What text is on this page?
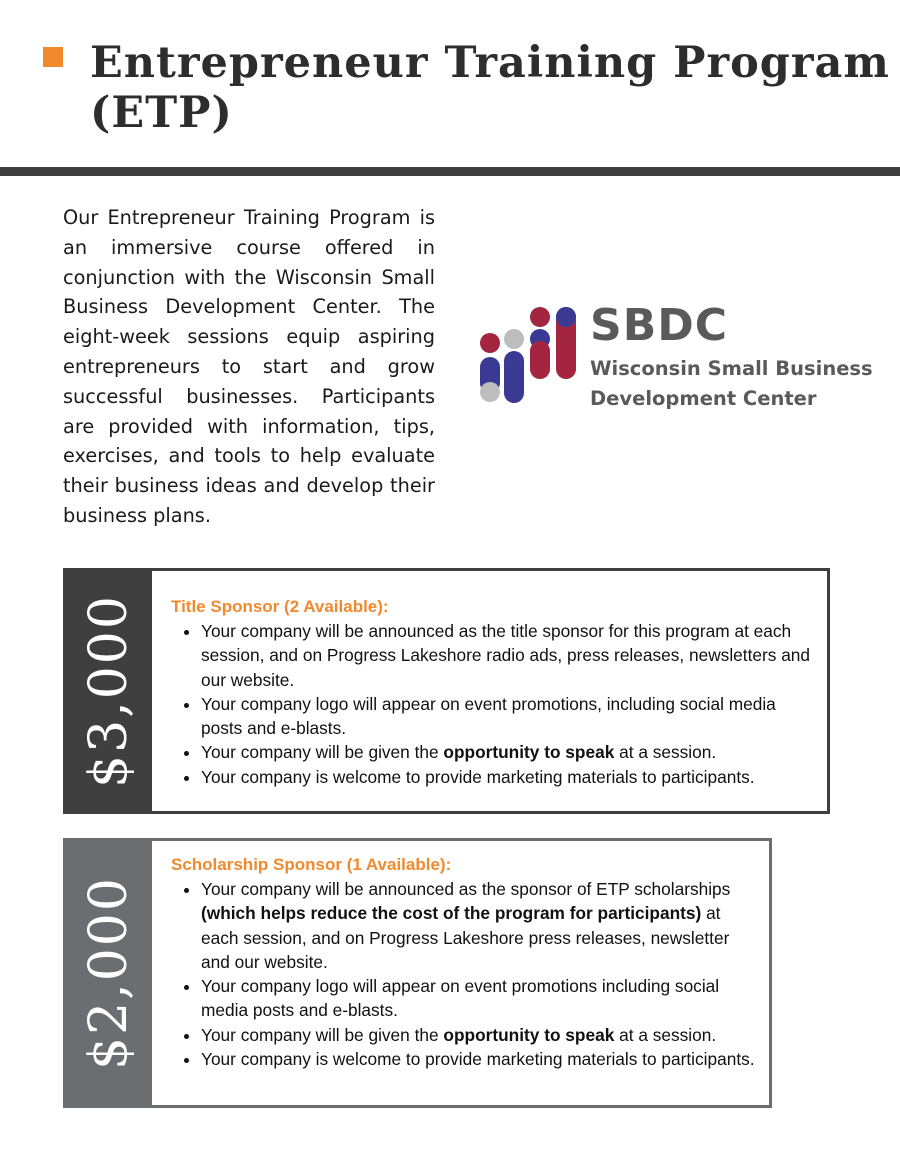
Entrepreneur Training Program
(ETP)

Our Entrepreneur Training Program is an immersive course offered in conjunction with the Wisconsin Small Business Development Center. The eight-week sessions equip aspiring entrepreneurs to start and grow successful businesses. Participants are provided with information, tips, exercises, and tools to help evaluate their business ideas and develop their business plans.

SBDC
Wisconsin Small Business
Development Center
$3,000 Title Sponsor (2 Available):
• Your company will be announced as the title sponsor for this program at each session, and on Progress Lakeshore radio ads, press releases, newsletters and our website.
• Your company logo will appear on event promotions, including social media posts and e-blasts.
• Your company will be given the opportunity to speak at a session.
• Your company is welcome to provide marketing materials to participants.
$2,000
Scholarship Sponsor (1 Available):
• Your company will be announced as the sponsor of ETP scholarships (which helps reduce the cost of the program for participants) at each session, and on Progress Lakeshore press releases, newsletter and our website.
• Your company logo will appear on event promotions including social media posts and e-blasts.
• Your company will be given the opportunity to speak at a session.
• Your company is welcome to provide marketing materials to participants.
